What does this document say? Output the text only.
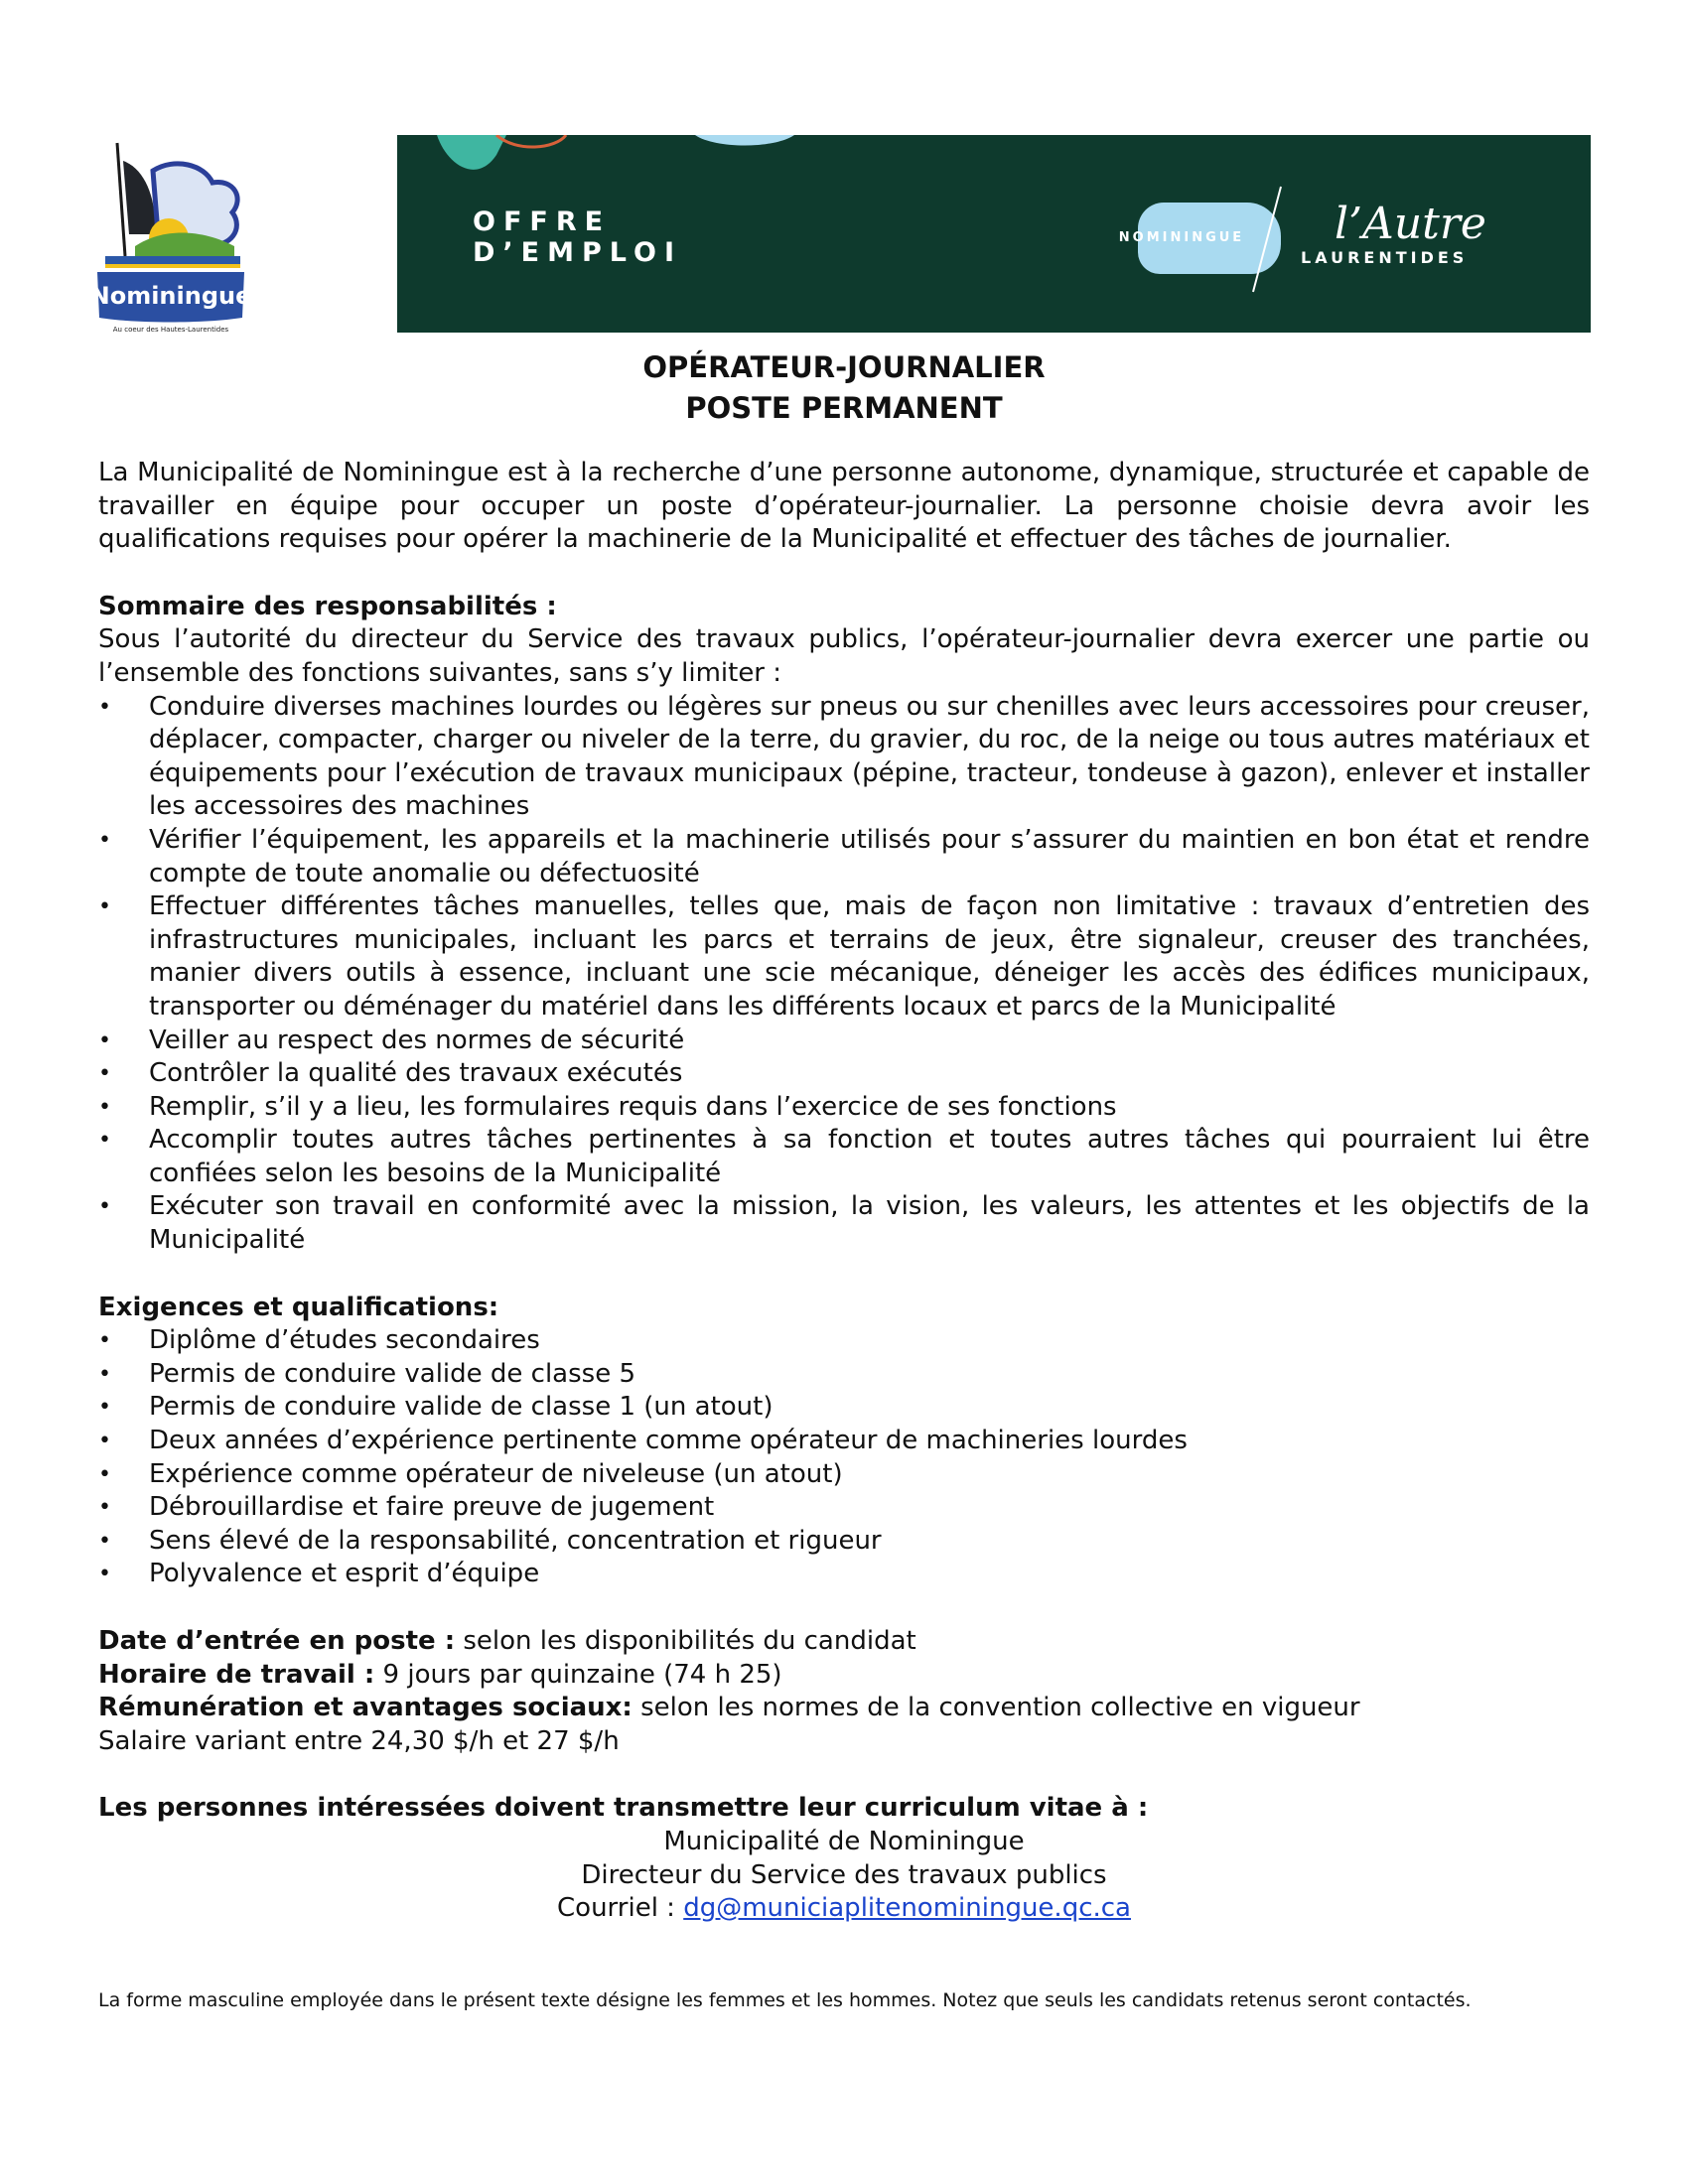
Nominingue
Au coeur des Hautes-Laurentides
OFFRE
D’EMPLOI	NOMININGUE	l’Autre
LAURENTIDES
OPÉRATEUR-JOURNALIER
POSTE PERMANENT

La Municipalité de Nominingue est à la recherche d’une personne autonome, dynamique, structurée et capable de travailler en équipe pour occuper un poste d’opérateur-journalier. La personne choisie devra avoir les qualifications requises pour opérer la machinerie de la Municipalité et effectuer des tâches de journalier.

Sommaire des responsabilités :

Sous l’autorité du directeur du Service des travaux publics, l’opérateur-journalier devra exercer une partie ou l’ensemble des fonctions suivantes, sans s’y limiter :

• Conduire diverses machines lourdes ou légères sur pneus ou sur chenilles avec leurs accessoires pour creuser, déplacer, compacter, charger ou niveler de la terre, du gravier, du roc, de la neige ou tous autres matériaux et équipements pour l’exécution de travaux municipaux (pépine, tracteur, tondeuse à gazon), enlever et installer les accessoires des machines
• Vérifier l’équipement, les appareils et la machinerie utilisés pour s’assurer du maintien en bon état et rendre compte de toute anomalie ou défectuosité
• Effectuer différentes tâches manuelles, telles que, mais de façon non limitative : travaux d’entretien des infrastructures municipales, incluant les parcs et terrains de jeux, être signaleur, creuser des tranchées, manier divers outils à essence, incluant une scie mécanique, déneiger les accès des édifices municipaux, transporter ou déménager du matériel dans les différents locaux et parcs de la Municipalité
• Veiller au respect des normes de sécurité
• Contrôler la qualité des travaux exécutés
• Remplir, s’il y a lieu, les formulaires requis dans l’exercice de ses fonctions
• Accomplir toutes autres tâches pertinentes à sa fonction et toutes autres tâches qui pourraient lui être confiées selon les besoins de la Municipalité
• Exécuter son travail en conformité avec la mission, la vision, les valeurs, les attentes et les objectifs de la Municipalité
Exigences et qualifications:
• Diplôme d’études secondaires
• Permis de conduire valide de classe 5
• Permis de conduire valide de classe 1 (un atout)
• Deux années d’expérience pertinente comme opérateur de machineries lourdes
• Expérience comme opérateur de niveleuse (un atout)
• Débrouillardise et faire preuve de jugement
• Sens élevé de la responsabilité, concentration et rigueur
• Polyvalence et esprit d’équipe

Date d’entrée en poste : selon les disponibilités du candidat

Horaire de travail : 9 jours par quinzaine (74 h 25)

Rémunération et avantages sociaux: selon les normes de la convention collective en vigueur

Salaire variant entre 24,30 $/h et 27 $/h

Les personnes intéressées doivent transmettre leur curriculum vitae à :
Municipalité de Nominingue
Directeur du Service des travaux publics
Courriel : dg@municiaplitenominingue.qc.ca
La forme masculine employée dans le présent texte désigne les femmes et les hommes. Notez que seuls les candidats retenus seront contactés.
